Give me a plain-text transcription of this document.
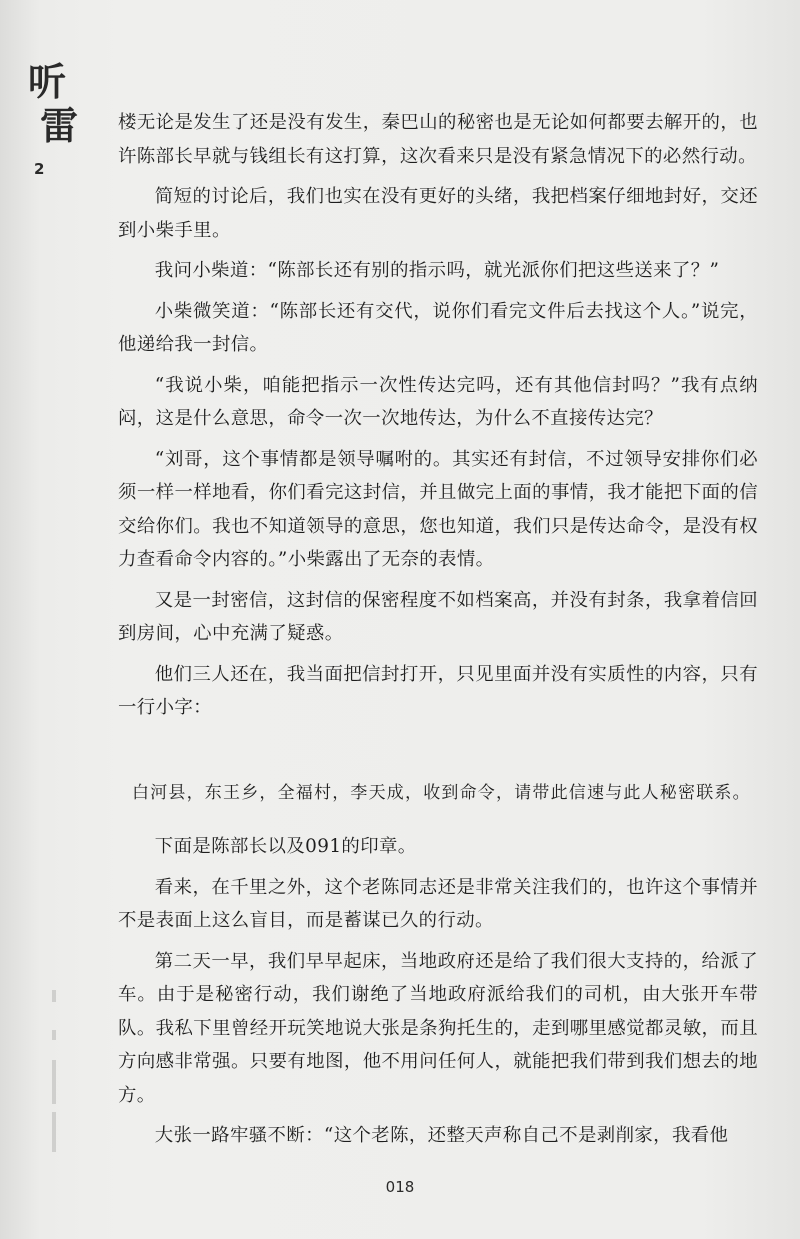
听
雷
2

楼无论是发生了还是没有发生，秦巴山的秘密也是无论如何都要去解开的，也许陈部长早就与钱组长有这打算，这次看来只是没有紧急情况下的必然行动。

简短的讨论后，我们也实在没有更好的头绪，我把档案仔细地封好，交还到小柴手里。

我问小柴道：“陈部长还有别的指示吗，就光派你们把这些送来了？”

小柴微笑道：“陈部长还有交代，说你们看完文件后去找这个人。”说完，他递给我一封信。

“我说小柴，咱能把指示一次性传达完吗，还有其他信封吗？”我有点纳闷，这是什么意思，命令一次一次地传达，为什么不直接传达完？

“刘哥，这个事情都是领导嘱咐的。其实还有封信，不过领导安排你们必须一样一样地看，你们看完这封信，并且做完上面的事情，我才能把下面的信交给你们。我也不知道领导的意思，您也知道，我们只是传达命令，是没有权力查看命令内容的。”小柴露出了无奈的表情。

又是一封密信，这封信的保密程度不如档案高，并没有封条，我拿着信回到房间，心中充满了疑惑。

他们三人还在，我当面把信封打开，只见里面并没有实质性的内容，只有一行小字：

白河县，东王乡，全福村，李天成，收到命令，请带此信速与此人秘密联系。

下面是陈部长以及091的印章。

看来，在千里之外，这个老陈同志还是非常关注我们的，也许这个事情并不是表面上这么盲目，而是蓄谋已久的行动。

第二天一早，我们早早起床，当地政府还是给了我们很大支持的，给派了车。由于是秘密行动，我们谢绝了当地政府派给我们的司机，由大张开车带队。我私下里曾经开玩笑地说大张是条狗托生的，走到哪里感觉都灵敏，而且方向感非常强。只要有地图，他不用问任何人，就能把我们带到我们想去的地方。

大张一路牢骚不断：“这个老陈，还整天声称自己不是剥削家，我看他

018
